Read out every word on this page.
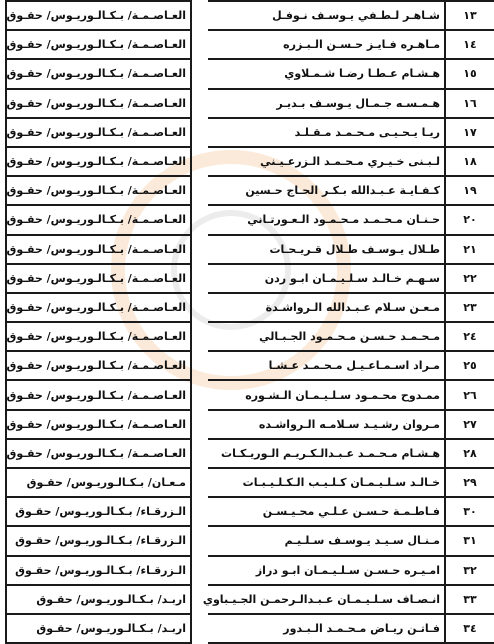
١٣	شـاهـر لـطـفي يـوسـف نـوفـل		العـاصـمـة/ بـكـالـوريـوس/ حقـوق	
١٤	مـاهـره فـايـز حـسـن الـبـزره		العـاصـمـة/ بـكـالـوريـوس/ حقـوق	
١٥	هـشـام عـطـا رضـا شـمـلاوي		العـاصـمـة/ بـكـالـوريـوس/ حقـوق	
١٦	هـمـسـه جـمـال يـوسـف بـديـر		العـاصـمـة/ بـكـالـوريـوس/ حقـوق	
١٧	ريـا يـحـيـى مـحـمـد مـقـلـد		العـاصـمـة/ بـكـالـوريـوس/ حقـوق	
١٨	لـبـنى خـيـري مـحـمـد الـزرعـيـني		العـاصـمـة/ بـكـالـوريـوس/ حقـوق	
١٩	كـفـايـة عـبـدالله بـكـر الحـاج حـسين		العـاصـمـة/ بـكـالـوريـوس/ حقـوق	
٢٠	حـنـان مـحـمـد مـحـمـود الـعـورتـاني		العـاصـمـة/ بـكـالـوريـوس/ حقـوق	
٢١	طـلال يـوسـف طـلال قـريـحـات		العـاصـمـة/ بـكـالـوريـوس/ حقـوق	
٢٢	سـهـم خـالـد سـلـيـمـان ابـو ردن		العـاصـمـة/ بـكـالـوريـوس/ حقـوق	
٢٣	مـعـن سـلام عـبـدالله الـرواشـدة		العـاصـمـة/ بـكـالـوريـوس/ حقـوق	
٢٤	مـحـمـد حـسـن مـحـمـود الجـبـالي		العـاصـمـة/ بـكـالـوريـوس/ حقـوق	
٢٥	مـراد اسـمـاعـيـل مـحـمـد عـشـا		العـاصـمـة/ بـكـالـوريـوس/ حقـوق	
٢٦	ممـدوح محـمـود سـلـيـمـان الـشـوره		العـاصـمـة/ بـكـالـوريـوس/ حقـوق	
٢٧	مـروان رشـيـد سـلامـه الـرواشـده		العـاصـمـة/ بـكـالـوريـوس/ حقـوق	
٢٨	هـشـام مـحـمـد عـبـدالـكـريـم الـوريـكـات		العـاصـمـة/ بـكـالـوريـوس/ حقـوق	
٢٩	خـالـد سـلـيـمـان كـلـيـب الـكـلـيـبـات		مـعـان/ بـكـالـوريـوس/ حقـوق	
٣٠	فـاطـمـة حـسـن عـلـي محـيـسـن		الـزرقـاء/ بـكـالـوريـوس/ حقـوق	
٣١	مـنـال سـيـد يـوسـف سـلـيـم		الـزرقـاء/ بـكـالـوريـوس/ حقـوق	
٣٢	امـيـره حـسـن سـلـيـمـان ابـو دراز		الـزرقـاء/ بـكـالـوريـوس/ حقـوق	
٣٣	انـصـاف سـلـيـمـان عـبـدالـرحمـن الجـيـباوي		اربـد/ بـكـالـوريـوس/ حقـوق	
٣٤	فـاتـن ريـاض مـحـمـد الـبـدور		اربـد/ بـكـالـوريـوس/ حقـوق	
